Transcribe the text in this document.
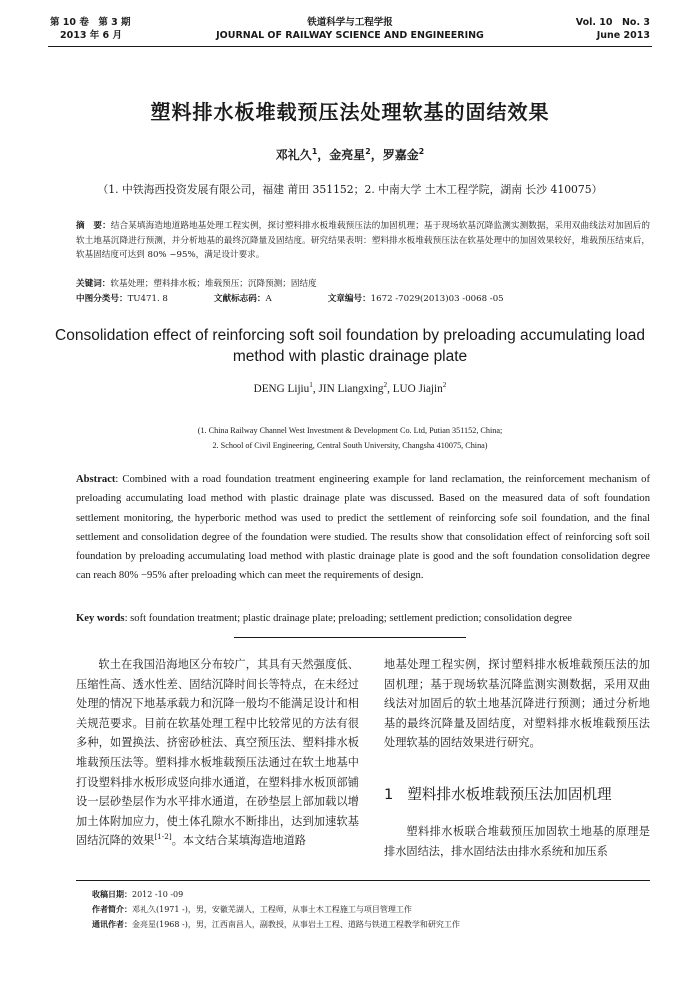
第 10 卷　第 3 期
2013 年 6 月
铁道科学与工程学报
JOURNAL OF RAILWAY SCIENCE AND ENGINEERING
Vol. 10　No. 3
June 2013
塑料排水板堆载预压法处理软基的固结效果
邓礼久$^1$，金亮星$^2$，罗嘉金$^2$
（1. 中铁海西投资发展有限公司，福建 莆田 351152；2. 中南大学 土木工程学院，湖南 长沙 410075）
摘　要：结合某填海造地道路地基处理工程实例，探讨塑料排水板堆载预压法的加固机理；基于现场软基沉降监测实测数据，采用双曲线法对加固后的软土地基沉降进行预测，并分析地基的最终沉降量及固结度。研究结果表明：塑料排水板堆载预压法在软基处理中的加固效果较好，堆载预压结束后，软基固结度可达到 80% ~95%，满足设计要求。
关键词：软基处理；塑料排水板；堆载预压；沉降预测；固结度
中图分类号：TU471. 8	文献标志码：A	文章编号：1672 -7029(2013)03 -0068 -05
Consolidation effect of reinforcing soft soil foundation by preloading accumulating load
method with plastic drainage plate
DENG Lijiu$^1$, JIN Liangxing$^2$, LUO Jiajin$^2$
(1. China Railway Channel West Investment & Development Co. Ltd, Putian 351152, China;
2. School of Civil Engineering, Central South University, Changsha 410075, China)
Abstract: Combined with a road foundation treatment engineering example for land reclamation, the reinforcement mechanism of preloading accumulating load method with plastic drainage plate was discussed. Based on the measured data of soft foundation settlement monitoring, the hyperboric method was used to predict the settlement of reinforcing sofe soil foundation, and the final settlement and consolidation degree of the foundation were studied. The results show that consolidation effect of reinforcing soft soil foundation by preloading accumulating load method with plastic drainage plate is good and the soft foundation consolidation degree can reach 80% −95% after preloading which can meet the requirements of design.
Key words: soft foundation treatment; plastic drainage plate; preloading; settlement prediction; consolidation degree
软土在我国沿海地区分布较广，其具有天然强度低、压缩性高、透水性差、固结沉降时间长等特点，在未经过处理的情况下地基承载力和沉降一般均不能满足设计和相关规范要求。目前在软基处理工程中比较常见的方法有很多种，如置换法、挤密砂桩法、真空预压法、塑料排水板堆载预压法等。塑料排水板堆载预压法通过在软土地基中打设塑料排水板形成竖向排水通道，在塑料排水板顶部铺设一层砂垫层作为水平排水通道，在砂垫层上部加载以增加土体附加应力，使土体孔隙水不断排出，达到加速软基固结沉降的效果[1-2]。本文结合某填海造地道路
地基处理工程实例，探讨塑料排水板堆载预压法的加固机理；基于现场软基沉降监测实测数据，采用双曲线法对加固后的软土地基沉降进行预测；通过分析地基的最终沉降量及固结度，对塑料排水板堆载预压法处理软基的固结效果进行研究。
1 塑料排水板堆载预压法加固机理
塑料排水板联合堆载预压加固软土地基的原理是排水固结法，排水固结法由排水系统和加压系
收稿日期：2012 -10 -09
作者简介：邓礼久(1971 -)，男，安徽芜湖人，工程师，从事土木工程施工与项目管理工作
通讯作者：金亮星(1968 -)，男，江西南昌人，副教授，从事岩土工程、道路与铁道工程教学和研究工作
